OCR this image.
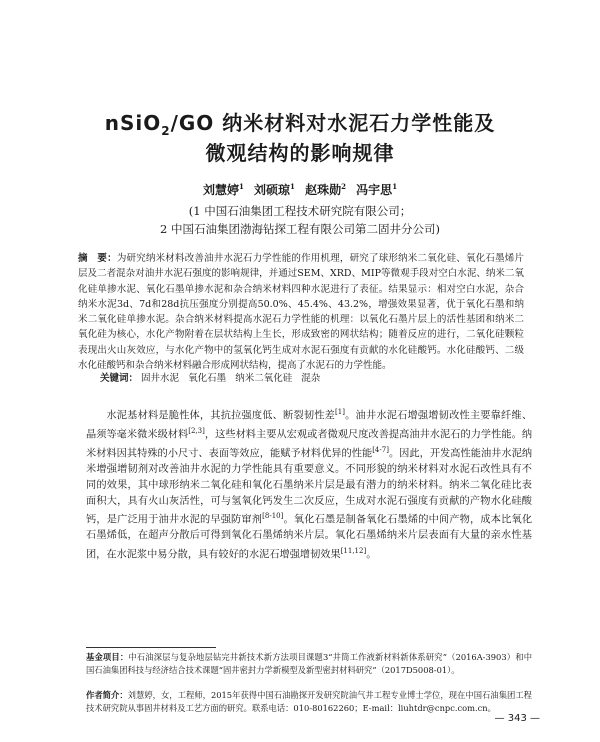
nSiO$_2$/GO 纳米材料对水泥石力学性能及
微观结构的影响规律
刘慧婷$^1$ 刘硕琼$^1$ 赵珠勋$^2$ 冯宇思$^1$
(1 中国石油集团工程技术研究院有限公司；
2 中国石油集团渤海钻探工程有限公司第二固井分公司)
摘　要：为研究纳米材料改善油井水泥石力学性能的作用机理，研究了球形纳米二氧化硅、氧化石墨烯片层及二者混杂对油井水泥石强度的影响规律，并通过SEM、XRD、MIP等微观手段对空白水泥、纳米二氧化硅单掺水泥、氧化石墨单掺水泥和杂合纳米材料四种水泥进行了表征。结果显示：相对空白水泥，杂合纳米水泥3d、7d和28d抗压强度分别提高50.0%、45.4%、43.2%，增强效果显著，优于氧化石墨和纳米二氧化硅单掺水泥。杂合纳米材料提高水泥石力学性能的机理：以氧化石墨片层上的活性基团和纳米二氧化硅为核心，水化产物附着在层状结构上生长，形成致密的网状结构；随着反应的进行，二氧化硅颗粒表现出火山灰效应，与水化产物中的氢氧化钙生成对水泥石强度有贡献的水化硅酸钙。水化硅酸钙、二级水化硅酸钙和杂合纳米材料融合形成网状结构，提高了水泥石的力学性能。
关键词： 固井水泥 氧化石墨 纳米二氧化硅 混杂
水泥基材料是脆性体，其抗拉强度低、断裂韧性差[1]。油井水泥石增强增韧改性主要靠纤维、晶须等毫米微米级材料[2,3]，这些材料主要从宏观或者微观尺度改善提高油井水泥石的力学性能。纳米材料因其特殊的小尺寸、表面等效应，能赋予材料优异的性能[4-7]。因此，开发高性能油井水泥纳米增强增韧剂对改善油井水泥的力学性能具有重要意义。不同形貌的纳米材料对水泥石改性具有不同的效果，其中球形纳米二氧化硅和氧化石墨纳米片层是最有潜力的纳米材料。纳米二氧化硅比表面积大，具有火山灰活性，可与氢氧化钙发生二次反应，生成对水泥石强度有贡献的产物水化硅酸钙，是广泛用于油井水泥的早强防窜剂[8-10]。氧化石墨是制备氧化石墨烯的中间产物，成本比氧化石墨烯低，在超声分散后可得到氧化石墨烯纳米片层。氧化石墨烯纳米片层表面有大量的亲水性基团，在水泥浆中易分散，具有较好的水泥石增强增韧效果[11,12]。
基金项目：中石油深层与复杂地层钻完井新技术新方法项目课题3“井筒工作液新材料新体系研究”（2016A-3903）和中国石油集团科技与经济结合技术课题“固井密封力学新模型及新型密封材料研究”（2017D5008-01）。
作者简介：刘慧婷，女，工程师，2015年获得中国石油勘探开发研究院油气井工程专业博士学位，现在中国石油集团工程技术研究院从事固井材料及工艺方面的研究。联系电话：010-80162260；E-mail：liuhtdr@cnpc.com.cn。
— 343 —
